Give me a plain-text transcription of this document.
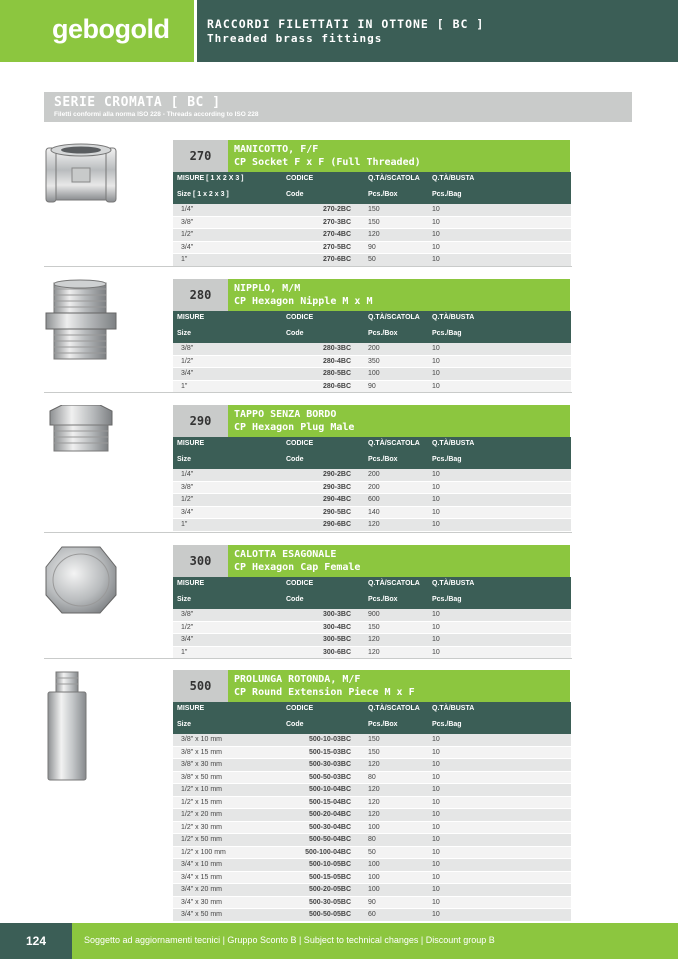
gebogold	RACCORDI FILETTATI IN OTTONE [ BC ]
Threaded brass fittings
SERIE CROMATA [ BC ]
Filetti conformi alla norma ISO 228 - Threads according to ISO 228
270	MANICOTTO, F/F
CP Socket F x F (Full Threaded)
MISURE [ 1 X 2 X 3 ]	CODICE	Q.TÀ/SCATOLA Q.TÀ/BUSTA
Size [ 1 x 2 x 3 ]	Code	Pcs./Box	Pcs./Bag
1/4"	270-2BC 150	10
3/8"	270-3BC 150	10
1/2"	270-4BC 120	10
3/4"	270-5BC 90	10
1"	270-6BC 50	10
280	NIPPLO, M/M
CP Hexagon Nipple M x M
MISURE	CODICE	Q.TÀ/SCATOLA Q.TÀ/BUSTA
Size	Code	Pcs./Box	Pcs./Bag
3/8"	280-3BC 200	10
1/2"	280-4BC 350	10
3/4"	280-5BC 100	10
1"	280-6BC 90	10
290	TAPPO SENZA BORDO
CP Hexagon Plug Male
MISURE	CODICE	Q.TÀ/SCATOLA Q.TÀ/BUSTA
Size	Code	Pcs./Box	Pcs./Bag
1/4"	290-2BC 200	10
3/8"	290-3BC 200	10
1/2"	290-4BC 600	10
3/4"	290-5BC 140	10
1"	290-6BC 120	10
300	CALOTTA ESAGONALE
CP Hexagon Cap Female
MISURE	CODICE	Q.TÀ/SCATOLA Q.TÀ/BUSTA
Size	Code	Pcs./Box	Pcs./Bag
3/8"	300-3BC 900	10
1/2"	300-4BC 150	10
3/4"	300-5BC 120	10
1"	300-6BC 120	10
500	PROLUNGA ROTONDA, M/F
CP Round Extension Piece M x F
MISURE	CODICE	Q.TÀ/SCATOLA Q.TÀ/BUSTA
Size	Code	Pcs./Box	Pcs./Bag
3/8" x 10 mm	500-10-03BC 150	10
3/8" x 15 mm	500-15-03BC 150	10
3/8" x 30 mm	500-30-03BC 120	10
3/8" x 50 mm	500-50-03BC 80	10
1/2" x 10 mm	500-10-04BC 120	10
1/2" x 15 mm	500-15-04BC 120	10
1/2" x 20 mm	500-20-04BC 120	10
1/2" x 30 mm	500-30-04BC 100	10
1/2" x 50 mm	500-50-04BC 80	10
1/2" x 100 mm	500-100-04BC 50	10
3/4" x 10 mm	500-10-05BC 100	10
3/4" x 15 mm	500-15-05BC 100	10
3/4" x 20 mm	500-20-05BC 100	10
3/4" x 30 mm	500-30-05BC 90	10
3/4" x 50 mm	500-50-05BC 60	10
124	Soggetto ad aggiornamenti tecnici | Gruppo Sconto B | Subject to technical changes | Discount group B
